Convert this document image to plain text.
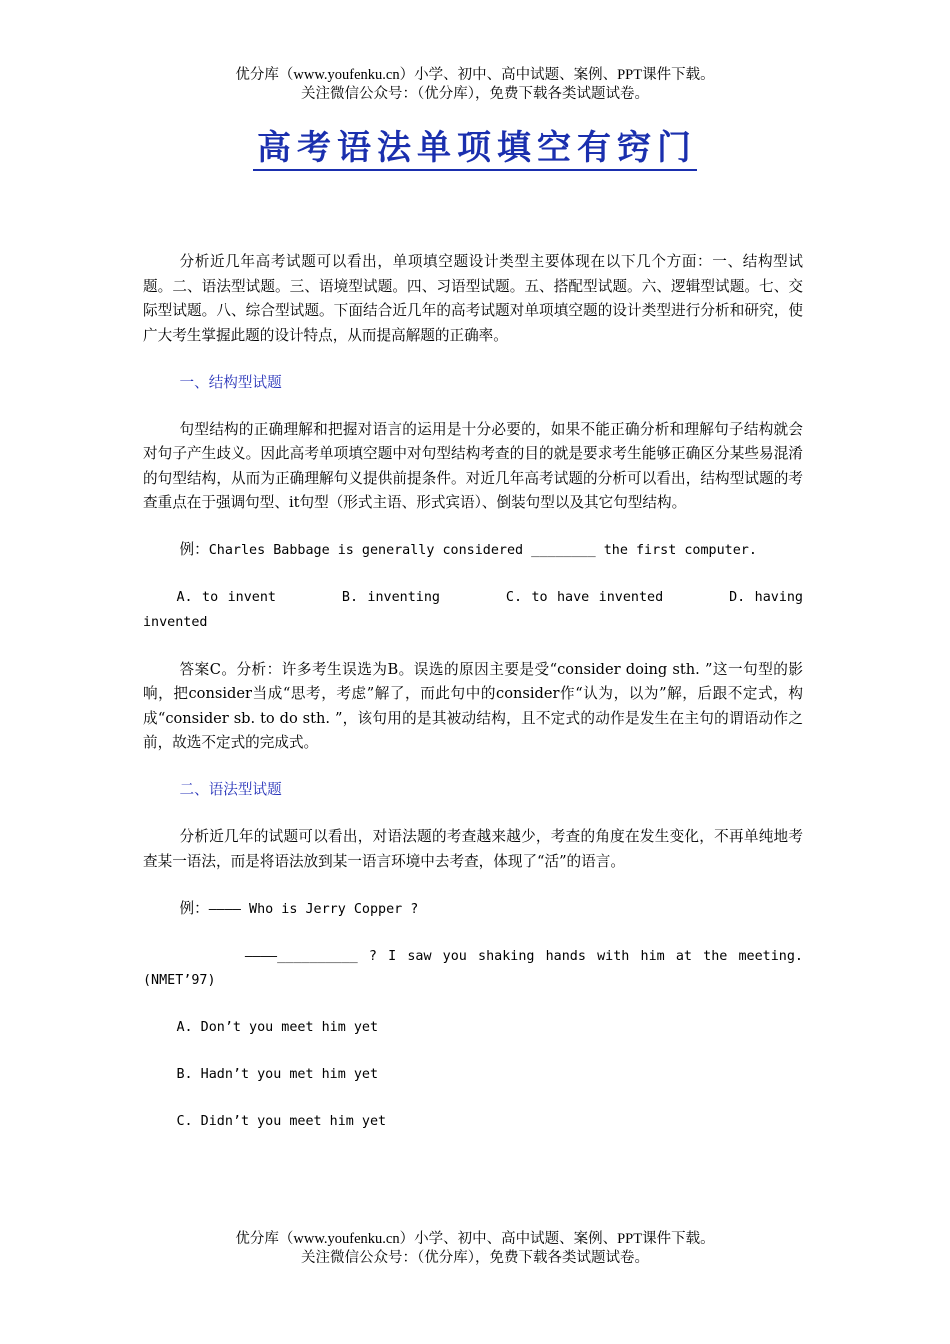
优分库（www.youfenku.cn）小学、初中、高中试题、案例、PPT课件下载。
关注微信公众号：（优分库），免费下载各类试题试卷。
高考语法单项填空有窍门

分析近几年高考试题可以看出，单项填空题设计类型主要体现在以下几个方面：一、结构型试题。二、语法型试题。三、语境型试题。四、习语型试题。五、搭配型试题。六、逻辑型试题。七、交际型试题。八、综合型试题。下面结合近几年的高考试题对单项填空题的设计类型进行分析和研究，使广大考生掌握此题的设计特点，从而提高解题的正确率。

一、结构型试题

句型结构的正确理解和把握对语言的运用是十分必要的，如果不能正确分析和理解句子结构就会对句子产生歧义。因此高考单项填空题中对句型结构考查的目的就是要求考生能够正确区分某些易混淆的句型结构，从而为正确理解句义提供前提条件。对近几年高考试题的分析可以看出，结构型试题的考查重点在于强调句型、it句型（形式主语、形式宾语）、倒装句型以及其它句型结构。

例：Charles Babbage is generally considered ________ the first computer.

A. to invent       B. inventing       C. to have invented       D. having invented

答案C。分析：许多考生误选为B。误选的原因主要是受“consider doing sth. ”这一句型的影响，把consider当成“思考，考虑”解了，而此句中的consider作“认为，以为”解，后跟不定式，构成“consider sb. to do sth. ”，该句用的是其被动结构，且不定式的动作是发生在主句的谓语动作之前，故选不定式的完成式。

二、语法型试题

分析近几年的试题可以看出，对语法题的考查越来越少，考查的角度在发生变化，不再单纯地考查某一语法，而是将语法放到某一语言环境中去考查，体现了“活”的语言。

例：———— Who is Jerry Copper ?

————__________ ? I saw you shaking hands with him at the meeting. (NMET’97)

A. Don’t you meet him yet

B. Hadn’t you met him yet

C. Didn’t you meet him yet

优分库（www.youfenku.cn）小学、初中、高中试题、案例、PPT课件下载。
关注微信公众号：（优分库），免费下载各类试题试卷。
